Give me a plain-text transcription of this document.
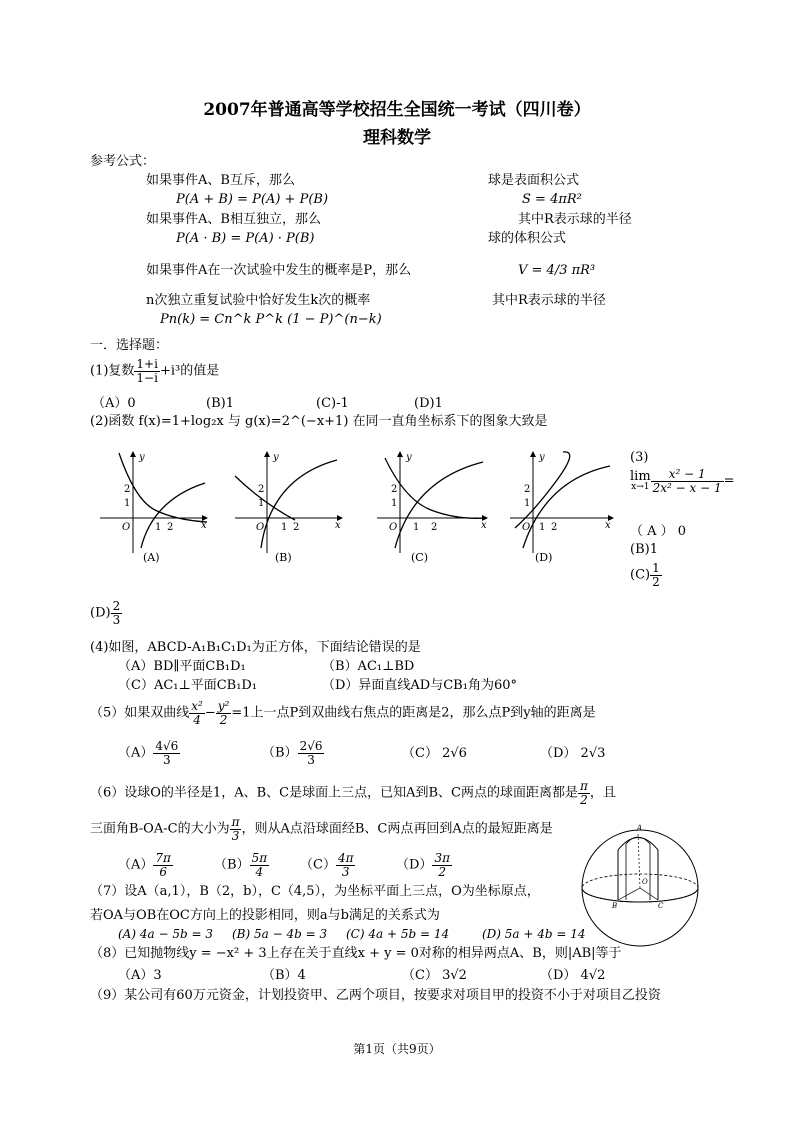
2007年普通高等学校招生全国统一考试（四川卷）
理科数学
参考公式：
如果事件A、B互斥，那么
P(A + B) = P(A) + P(B)
如果事件A、B相互独立，那么
P(A · B) = P(A) · P(B)
如果事件A在一次试验中发生的概率是P，那么
n次独立重复试验中恰好发生k次的概率
Pn(k) = Cn^k P^k (1 − P)^(n−k)
球是表面积公式
S = 4πR²
其中R表示球的半径
球的体积公式
V = 4/3 πR³
其中R表示球的半径
一．选择题：
(1)复数 $\frac{1+i}{1-i} +i^3$的值是
（A）0	(B)1	(C)-1	(D)1
(2)函数 f(x)=1+log₂x 与 g(x)=2^(−x+1) 在同一直角坐标系下的图象大致是
y
x
O
2
1
1 2
(A)
y
x
O
2
1
1 2
(B)
y
x
O
2
1
1 2
(C)
y
x
O
2
1
1 2
(D)
(3)
lim
$x\to 1 \frac{\text{x² − 1}}{\text{2x² − x − 1}}$ =
（ A ） 0
(B)1
$(C) \frac{1}{2}$
$(D) \frac{2}{3}$
(4)如图，ABCD-A₁B₁C₁D₁为正方体，下面结论错误的是
（A）BD∥平面CB₁D₁	（B）AC₁⊥BD
（C）AC₁⊥平面CB₁D₁	（D）异面直线AD与CB₁角为60°
（5）如果双曲线 $\frac{\text{x²}}{4} - \frac{\text{y²}}{2} =1$上一点P到双曲线右焦点的距离是2，那么点P到y轴的距离是
$(A) \frac{4√6}{3}$	$(B) \frac{2√6}{3}$	（C） 2√6	（D） 2√3
（6）设球O的半径是1，A、B、C是球面上三点，已知A到B、C两点的球面距离都是 $\frac{\pi}{2}$ ，且
三面角B-OA-C的大小为 $\frac{\pi}{3}$ ，则从A点沿球面经B、C两点再回到A点的最短距离是
$(A) \frac{7\pi}{6}$	$(B) \frac{5\pi}{4} (C) \frac{4\pi}{3}$	$(D) \frac{3\pi}{2}$
A
O
B	C
（7）设A（a,1），B（2，b），C（4,5），为坐标平面上三点，O为坐标原点，
若OA与OB在OC方向上的投影相同，则a与b满足的关系式为
(A) 4a − 5b = 3 (B) 5a − 4b = 3 (C) 4a + 5b = 14	(D) 5a + 4b = 14
（8）已知抛物线y = −x² + 3上存在关于直线x + y = 0对称的相异两点A、B，则|AB|等于
（A）3	（B）4	（C） 3√2	（D） 4√2
（9）某公司有60万元资金，计划投资甲、乙两个项目，按要求对项目甲的投资不小于对项目乙投资
第1页（共9页）
